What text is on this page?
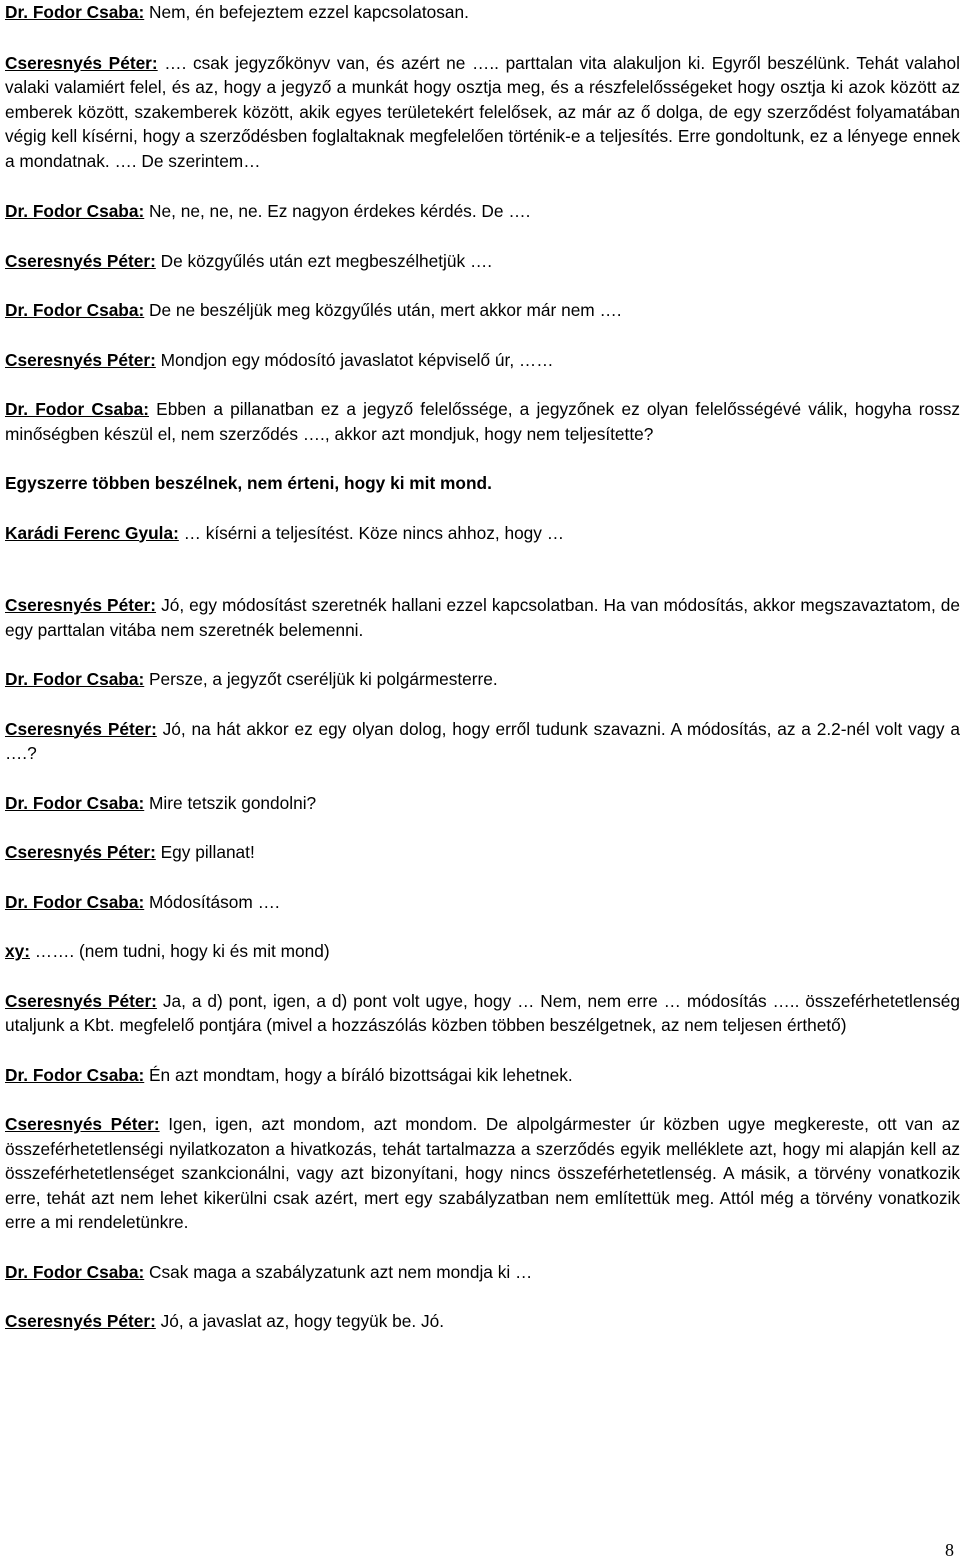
Dr. Fodor Csaba: Nem, én befejeztem ezzel kapcsolatosan.

Cseresnyés Péter: …. csak jegyzőkönyv van, és azért ne ….. parttalan vita alakuljon ki. Egyről beszélünk. Tehát valahol valaki valamiért felel, és az, hogy a jegyző a munkát hogy osztja meg, és a részfelelősségeket hogy osztja ki azok között az emberek között, szakemberek között, akik egyes területekért felelősek, az már az ő dolga, de egy szerződést folyamatában végig kell kísérni, hogy a szerződésben foglaltaknak megfelelően történik-e a teljesítés. Erre gondoltunk, ez a lényege ennek a mondatnak. …. De szerintem…

Dr. Fodor Csaba: Ne, ne, ne, ne. Ez nagyon érdekes kérdés. De ….

Cseresnyés Péter: De közgyűlés után ezt megbeszélhetjük ….

Dr. Fodor Csaba: De ne beszéljük meg közgyűlés után, mert akkor már nem ….

Cseresnyés Péter: Mondjon egy módosító javaslatot képviselő úr, ……

Dr. Fodor Csaba: Ebben a pillanatban ez a jegyző felelőssége, a jegyzőnek ez olyan felelősségévé válik, hogyha rossz minőségben készül el, nem szerződés …., akkor azt mondjuk, hogy nem teljesítette?

Egyszerre többen beszélnek, nem érteni, hogy ki mit mond.

Karádi Ferenc Gyula: … kísérni a teljesítést. Köze nincs ahhoz, hogy …

Cseresnyés Péter: Jó, egy módosítást szeretnék hallani ezzel kapcsolatban. Ha van módosítás, akkor megszavaztatom, de egy parttalan vitába nem szeretnék belemenni.

Dr. Fodor Csaba: Persze, a jegyzőt cseréljük ki polgármesterre.

Cseresnyés Péter: Jó, na hát akkor ez egy olyan dolog, hogy erről tudunk szavazni. A módosítás, az a 2.2-nél volt vagy a ….?

Dr. Fodor Csaba: Mire tetszik gondolni?

Cseresnyés Péter: Egy pillanat!

Dr. Fodor Csaba: Módosításom ….

xy: ……. (nem tudni, hogy ki és mit mond)

Cseresnyés Péter: Ja, a d) pont, igen, a d) pont volt ugye, hogy … Nem, nem erre … módosítás ….. összeférhetetlenség utaljunk a Kbt. megfelelő pontjára (mivel a hozzászólás közben többen beszélgetnek, az nem teljesen érthető)

Dr. Fodor Csaba: Én azt mondtam, hogy a bíráló bizottságai kik lehetnek.

Cseresnyés Péter: Igen, igen, azt mondom, azt mondom. De alpolgármester úr közben ugye megkereste, ott van az összeférhetetlenségi nyilatkozaton a hivatkozás, tehát tartalmazza a szerződés egyik melléklete azt, hogy mi alapján kell az összeférhetetlenséget szankcionálni, vagy azt bizonyítani, hogy nincs összeférhetetlenség. A másik, a törvény vonatkozik erre, tehát azt nem lehet kikerülni csak azért, mert egy szabályzatban nem említettük meg. Attól még a törvény vonatkozik erre a mi rendeletünkre.

Dr. Fodor Csaba: Csak maga a szabályzatunk azt nem mondja ki …

Cseresnyés Péter: Jó, a javaslat az, hogy tegyük be. Jó.

8
